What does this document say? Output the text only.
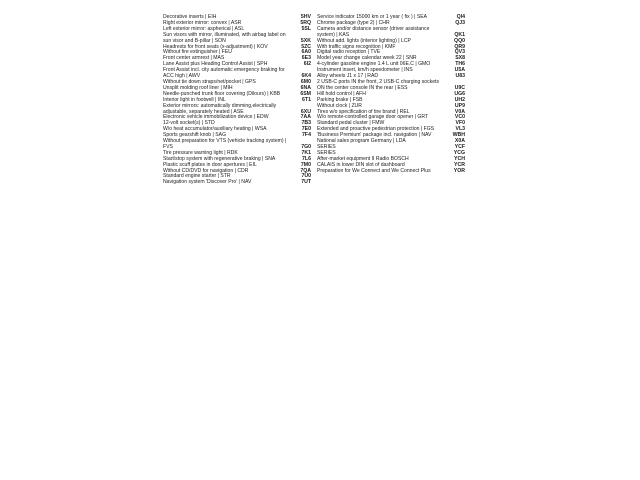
Decorative inserts | EIH	5HV
Right exterior mirror: convex | ASR	5RQ
Left exterior mirror: aspherical | ASL	5SL
Sun visors with mirror, illuminated, with airbag label on sun visor and B-pillar | SON	5XK
Headrests for front seats (x-adjustment) | KOV	5ZC
Without fire extinguisher | FEU	6A0
Front center armrest | MAS	6E3
Lane Assist plus Heading Control Assist | SPH	6I2
Front Assist incl. city automatic emergency braking for ACC high | AWV	6K4
Without tie down straps/net/pocket | GPS	6M0
Unsplit molding roof liner | MIH	6NA
Needle-punched trunk floor covering (Dilours) | KBB	6SM
Interior light in footwell | INL	6T1
Exterior mirrors: automatically dimming,electrically adjustable, separately heated | ASE	6XU
Electronic vehicle immobilization device | EDW	7AA
12-volt socket(s) | STD	7B3
W/o heat accumulator/auxiliary heating | WSA	7E0
Sports gearshift knob | SAG	7F4
Without preparation for VTS (vehicle tracking system) | FVS	7G0
Tire pressure warning light | RDK	7K1
Start/stop system with regenerative braking | SNA	7L6
Plastic scuff plates in door apertures | EIL	7M0
Without CD/DVD for navigation | CDR	7QA
Standard engine starter | STR	7U0
Navigation system 'Discover Pro' | NAV	7UT
Service indicator 15000 km or 1 year ( fix ) | SEA	QI4
Chrome package (type 2) | CHR	QJ3
Camera and/or distance sensor (driver assistance system) | KAS	QK1
Without add. lights (interior lighting) | LCP	QQ0
With traffic signs recognition | KMF	QR9
Digital radio reception | TVE	QV3
Model year change calendar week 22 | SNR	SX8
4-cylinder gasoline engine 1.4 L unit 06E.C | GMO	TH6
Instrument insert, km/h speedometer | INS	U5A
Alloy wheels J1 x 17 | RAD	U83
2 USB-C ports IN the front, 2 USB-C charging sockets ON the center console IN the rear | ESS	U9C
Hill hold control | AFH	UG6
Parking brake | FSB	UH2
Without clock | ZUR	UP9
Tires w/o specification of tire brand | REL	V0A
W/o remote-controlled garage door opener | GRT	VC0
Standard pedal cluster | FMW	VF0
Extended and proactive pedestrian protection | FGS	VL3
'Business Premium' package incl. navigation | NAV	WBH
National sales program Germany | LDA	X0A
SERIES	YCF
SERIES	YCG
After-market equipment II Radio BOSCH	YCH
CALAIS in lower DIN slot of dashboard	YCR
Preparation for We Connect and We Connect Plus	YOR
